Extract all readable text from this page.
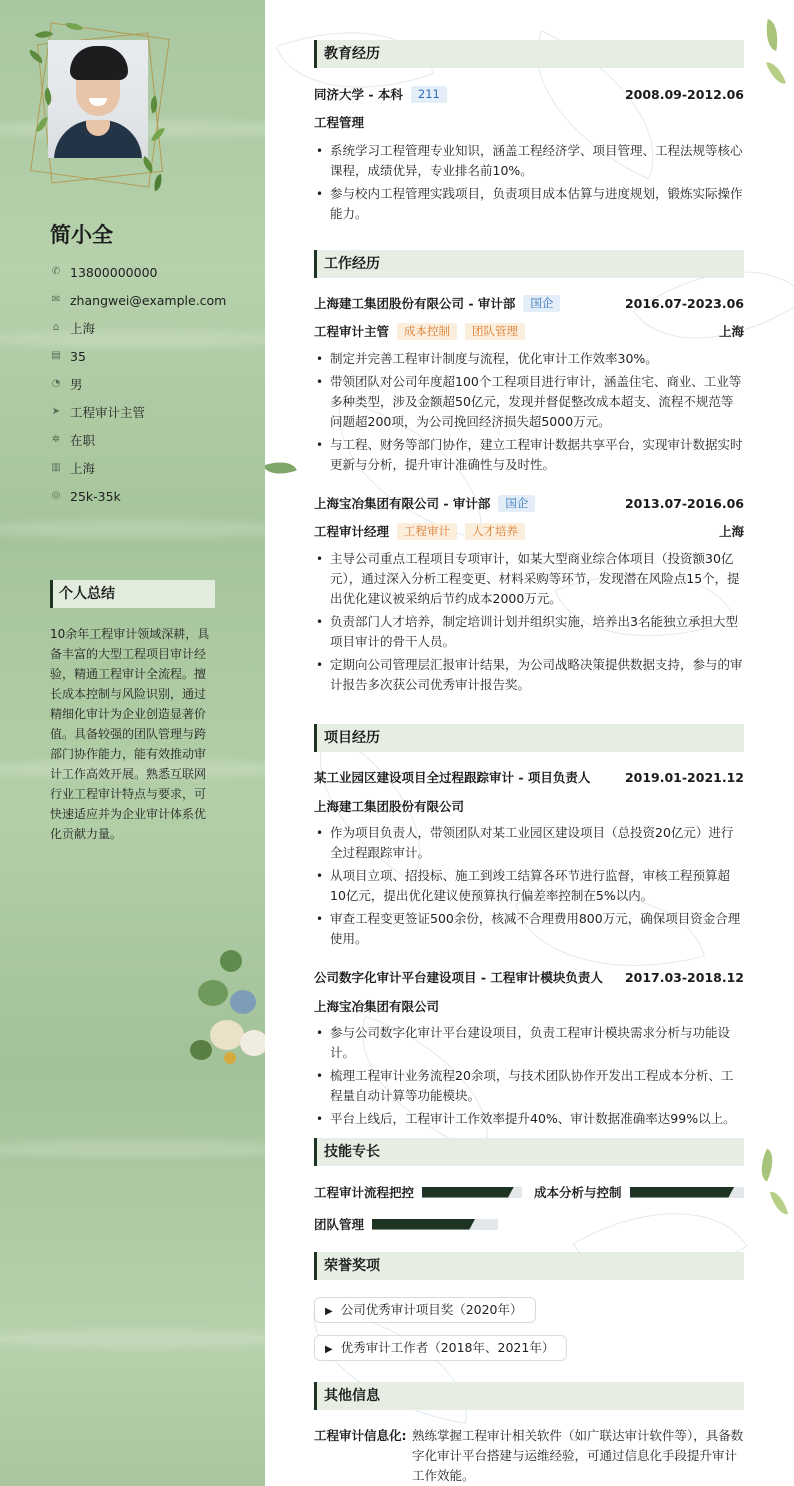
简小全
✆ 13800000000
✉ zhangwei@example.com
⌂ 上海
▤ 35
◔ 男
➤ 工程审计主管
✲ 在职
▥ 上海
◎ 25k-35k
个人总结
10余年工程审计领域深耕，具备丰富的大型工程项目审计经验，精通工程审计全流程。擅长成本控制与风险识别，通过精细化审计为企业创造显著价值。具备较强的团队管理与跨部门协作能力，能有效推动审计工作高效开展。熟悉互联网行业工程审计特点与要求，可快速适应并为企业审计体系优化贡献力量。
教育经历
同济大学 - 本科	211	2008.09-2012.06
工程管理
• 系统学习工程管理专业知识，涵盖工程经济学、项目管理、工程法规等核心课程，成绩优异，专业排名前10%。
• 参与校内工程管理实践项目，负责项目成本估算与进度规划，锻炼实际操作能力。
工作经历
上海建工集团股份有限公司 - 审计部	国企	2016.07-2023.06
工程审计主管	成本控制	团队管理	上海
• 制定并完善工程审计制度与流程，优化审计工作效率30%。
• 带领团队对公司年度超100个工程项目进行审计，涵盖住宅、商业、工业等多种类型，涉及金额超50亿元，发现并督促整改成本超支、流程不规范等问题超200项，为公司挽回经济损失超5000万元。
• 与工程、财务等部门协作，建立工程审计数据共享平台，实现审计数据实时更新与分析，提升审计准确性与及时性。
上海宝冶集团有限公司 - 审计部	国企	2013.07-2016.06
工程审计经理	工程审计	人才培养	上海
• 主导公司重点工程项目专项审计，如某大型商业综合体项目（投资额30亿元），通过深入分析工程变更、材料采购等环节，发现潜在风险点15个，提出优化建议被采纳后节约成本2000万元。
• 负责部门人才培养，制定培训计划并组织实施，培养出3名能独立承担大型项目审计的骨干人员。
• 定期向公司管理层汇报审计结果，为公司战略决策提供数据支持，参与的审计报告多次获公司优秀审计报告奖。
项目经历
某工业园区建设项目全过程跟踪审计 - 项目负责人	2019.01-2021.12
上海建工集团股份有限公司
• 作为项目负责人，带领团队对某工业园区建设项目（总投资20亿元）进行全过程跟踪审计。
• 从项目立项、招投标、施工到竣工结算各环节进行监督，审核工程预算超10亿元，提出优化建议使预算执行偏差率控制在5%以内。
• 审查工程变更签证500余份，核减不合理费用800万元，确保项目资金合理使用。
公司数字化审计平台建设项目 - 工程审计模块负责人 2017.03-2018.12
上海宝冶集团有限公司
• 参与公司数字化审计平台建设项目，负责工程审计模块需求分析与功能设计。
• 梳理工程审计业务流程20余项，与技术团队协作开发出工程成本分析、工程量自动计算等功能模块。
• 平台上线后，工程审计工作效率提升40%、审计数据准确率达99%以上。
技能专长
工程审计流程把控	成本分析与控制
团队管理
荣誉奖项
▶ 公司优秀审计项目奖（2020年）
▶ 优秀审计工作者（2018年、2021年）
其他信息
工程审计信息化: 熟练掌握工程审计相关软件（如广联达审计软件等），具备数字化审计平台搭建与运维经验，可通过信息化手段提升审计工作效能。
